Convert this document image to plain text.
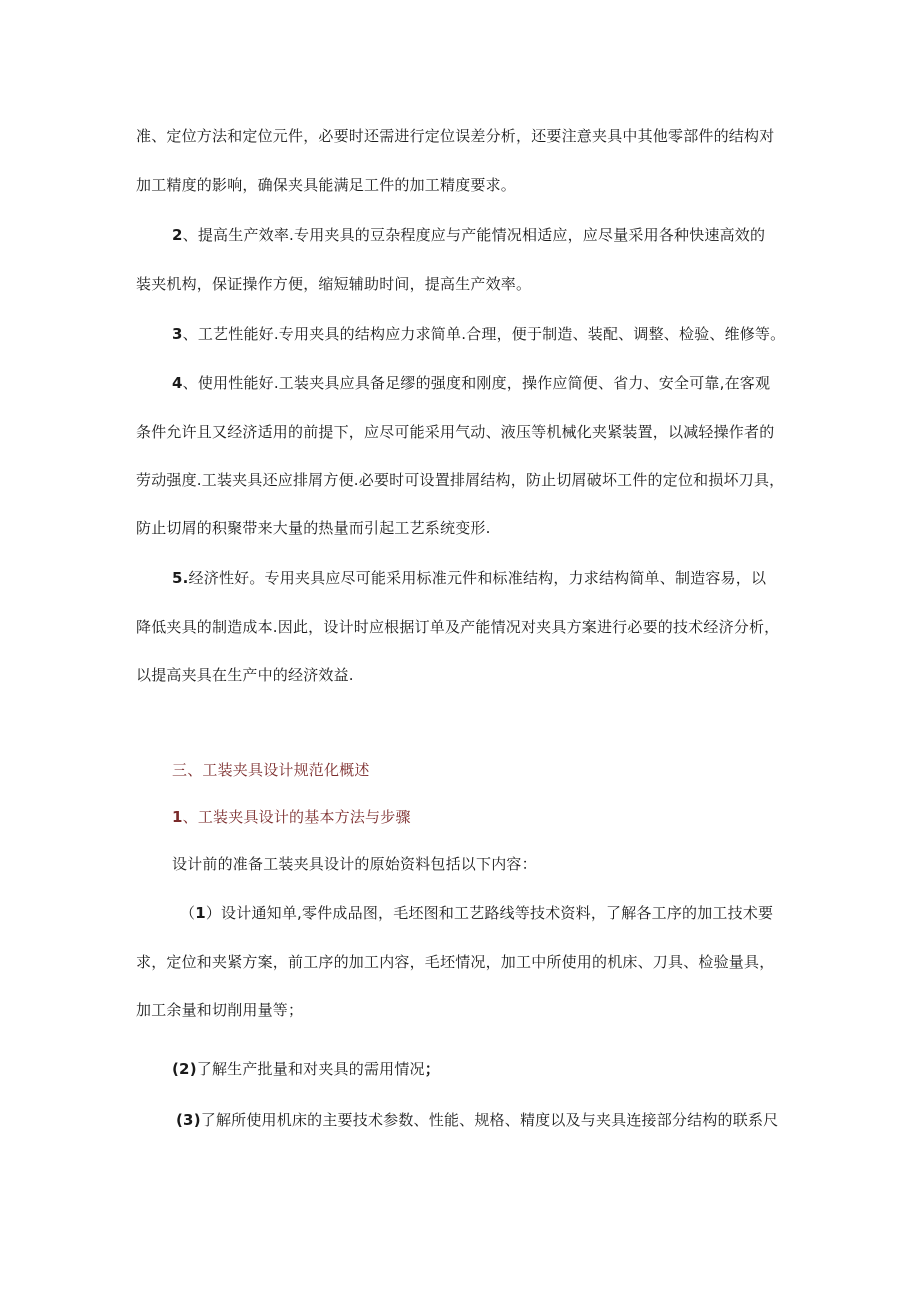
准、定位方法和定位元件，必要时还需进行定位误差分析，还要注意夹具中其他零部件的结构对
加工精度的影响，确保夹具能满足工件的加工精度要求。
2、提高生产效率.专用夹具的豆杂程度应与产能情况相适应，应尽量采用各种快速高效的
装夹机构，保证操作方便，缩短辅助时间，提高生产效率。
3、工艺性能好.专用夹具的结构应力求简单.合理，便于制造、装配、调整、检验、维修等。
4、使用性能好.工装夹具应具备足缪的强度和刚度，操作应简便、省力、安全可靠,在客观
条件允许且又经济适用的前提下，应尽可能采用气动、液压等机械化夹紧装置，以减轻操作者的
劳动强度.工装夹具还应排屑方便.必要时可设置排屑结构，防止切屑破坏工件的定位和损坏刀具，
防止切屑的积聚带来大量的热量而引起工艺系统变形.
5.经济性好。专用夹具应尽可能采用标准元件和标准结构，力求结构简单、制造容易，以
降低夹具的制造成本.因此，设计时应根据订单及产能情况对夹具方案进行必要的技术经济分析，
以提高夹具在生产中的经济效益.
三、工装夹具设计规范化概述
1、工装夹具设计的基本方法与步骤
设计前的准备工装夹具设计的原始资料包括以下内容：
（1）设计通知单,零件成品图，毛坯图和工艺路线等技术资料，了解各工序的加工技术要
求，定位和夹紧方案，前工序的加工内容，毛坯情况，加工中所使用的机床、刀具、检验量具，
加工余量和切削用量等；
(2)了解生产批量和对夹具的需用情况；
(3)了解所使用机床的主要技术参数、性能、规格、精度以及与夹具连接部分结构的联系尺
